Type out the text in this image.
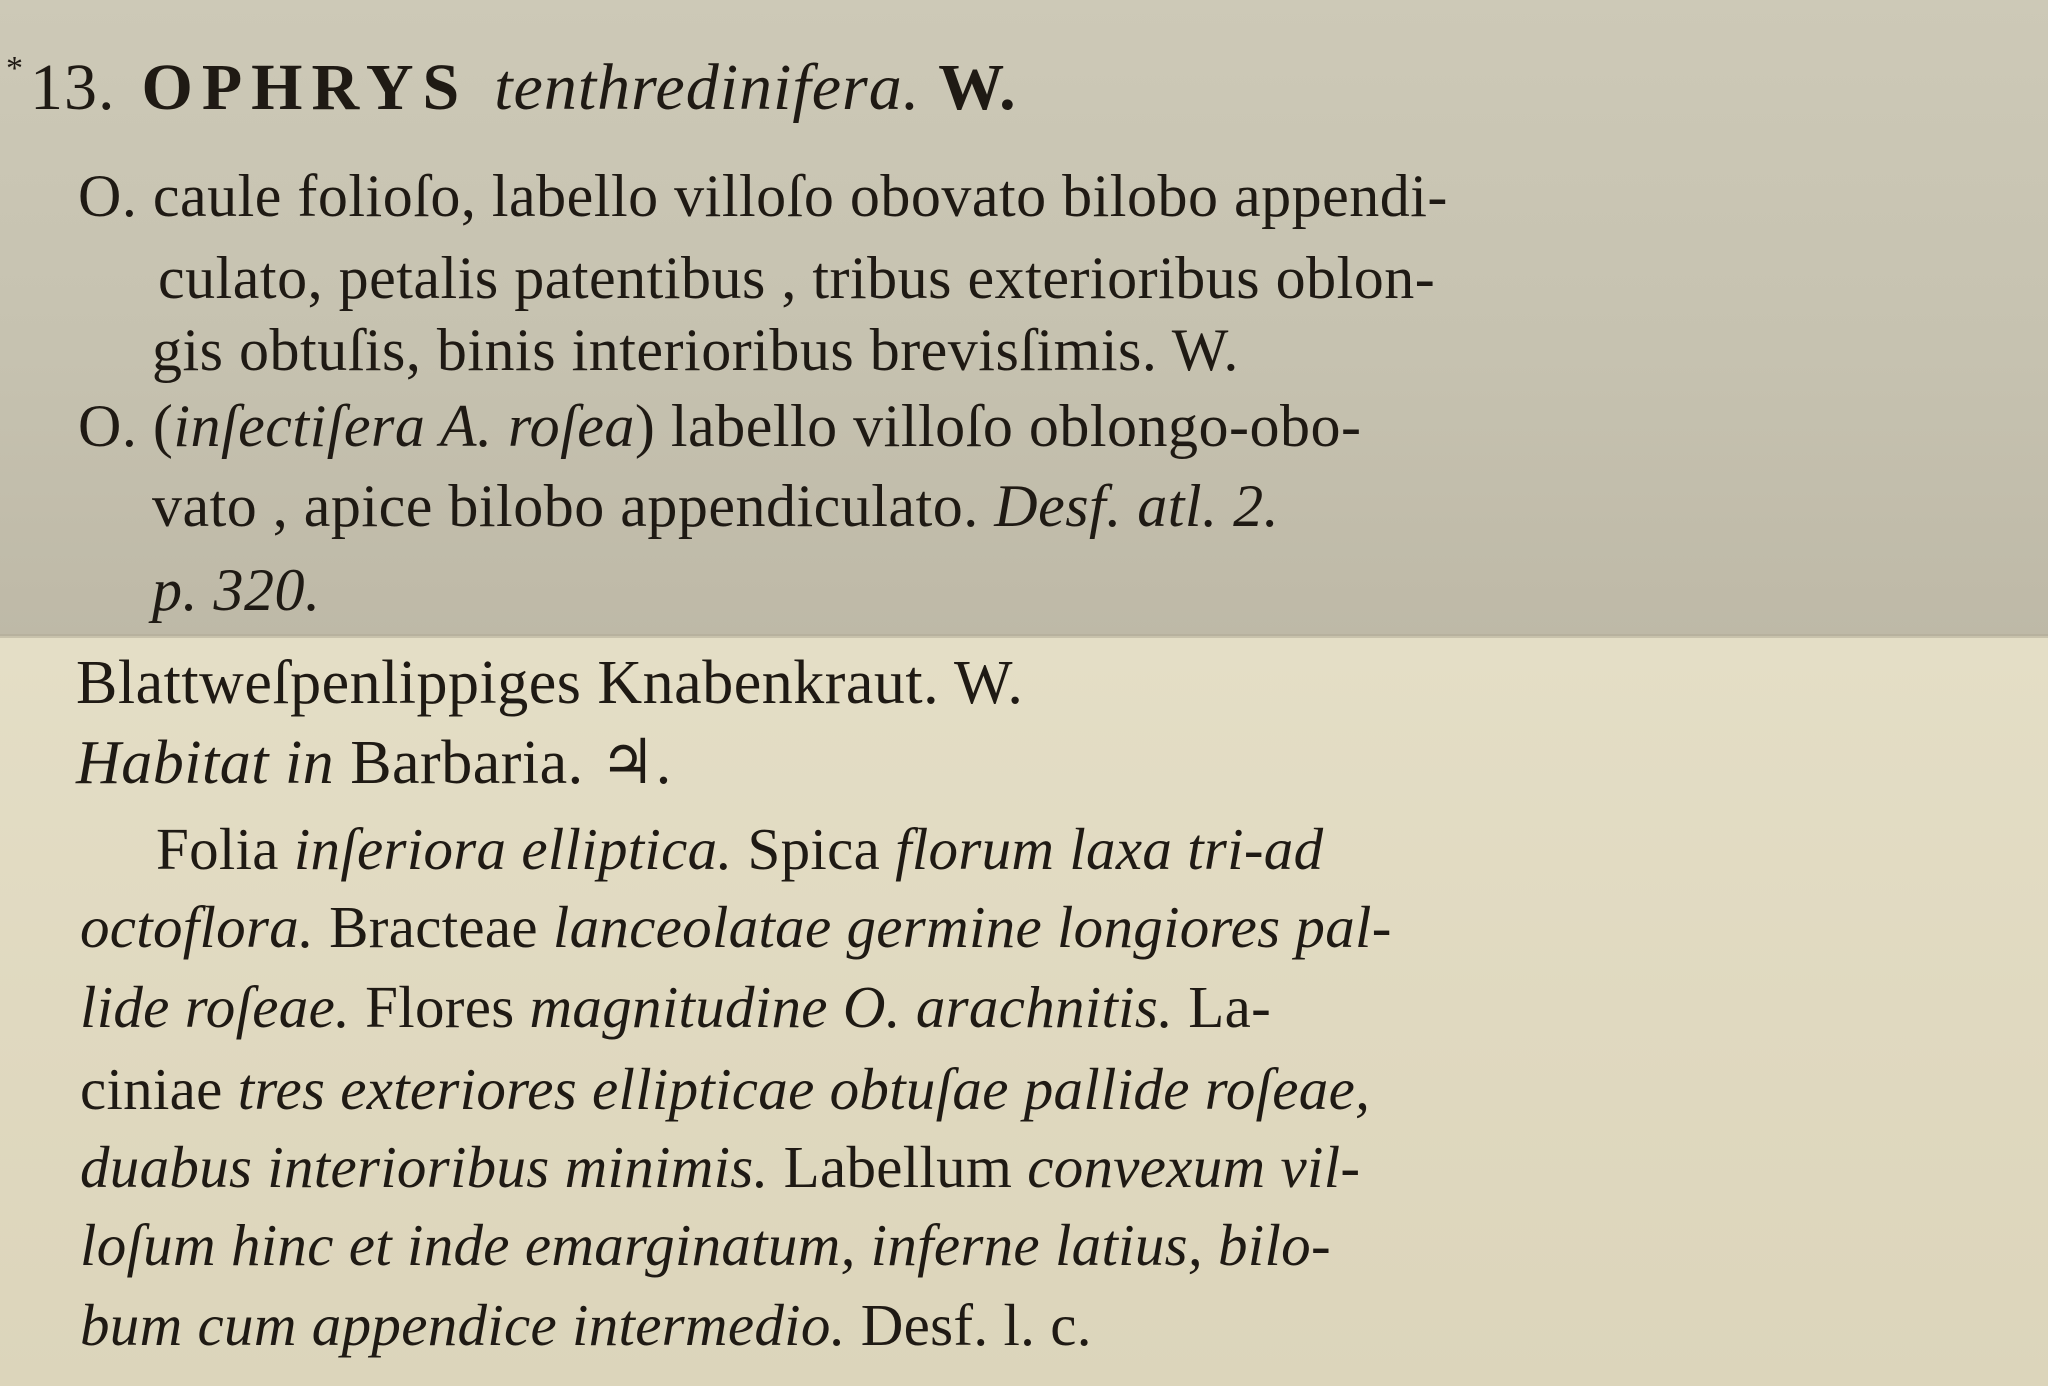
*13. OPHRYS tenthredinifera. W.
O. caule folioſo, labello villoſo obovato bilobo appendi-
culato, petalis patentibus , tribus exterioribus oblon-
gis obtuſis, binis interioribus brevisſimis. W.
O. (inſectiſera A. roſea) labello villoſo oblongo-obo-
vato , apice bilobo appendiculato. Desf. atl. 2.
p. 320.
Blattweſpenlippiges Knabenkraut. W.
Habitat in Barbaria. ♃.
Folia inſeriora elliptica. Spica florum laxa tri-ad
octoflora. Bracteae lanceolatae germine longiores pal-
lide roſeae. Flores magnitudine O. arachnitis. La-
ciniae tres exteriores ellipticae obtuſae pallide roſeae,
duabus interioribus minimis. Labellum convexum vil-
loſum hinc et inde emarginatum, inferne latius, bilo-
bum cum appendice intermedio. Desf. l. c.
